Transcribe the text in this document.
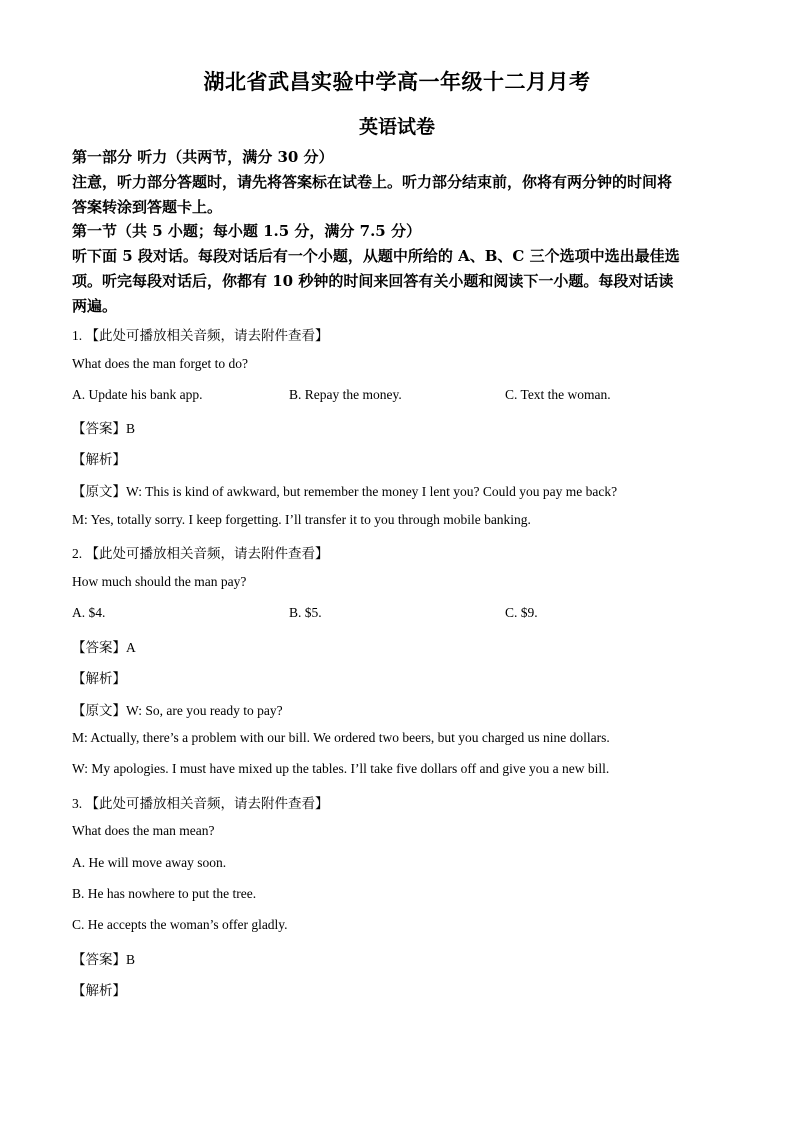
湖北省武昌实验中学高一年级十二月月考
英语试卷
第一部分 听力（共两节，满分 30 分）
注意，听力部分答题时，请先将答案标在试卷上。听力部分结束前，你将有两分钟的时间将
答案转涂到答题卡上。
第一节（共 5 小题；每小题 1.5 分，满分 7.5 分）
听下面 5 段对话。每段对话后有一个小题，从题中所给的 A、B、C 三个选项中选出最佳选
项。听完每段对话后，你都有 10 秒钟的时间来回答有关小题和阅读下一小题。每段对话读
两遍。
1. 【此处可播放相关音频，请去附件查看】
What does the man forget to do?
A. Update his bank app.	B. Repay the money.	C. Text the woman.
【答案】B
【解析】
【原文】W: This is kind of awkward, but remember the money I lent you? Could you pay me back?
M: Yes, totally sorry. I keep forgetting. I’ll transfer it to you through mobile banking.
2. 【此处可播放相关音频，请去附件查看】
How much should the man pay?
A. $4.	B. $5.	C. $9.
【答案】A
【解析】
【原文】W: So, are you ready to pay?
M: Actually, there’s a problem with our bill. We ordered two beers, but you charged us nine dollars.
W: My apologies. I must have mixed up the tables. I’ll take five dollars off and give you a new bill.
3. 【此处可播放相关音频，请去附件查看】
What does the man mean?
A. He will move away soon.
B. He has nowhere to put the tree.
C. He accepts the woman’s offer gladly.
【答案】B
【解析】
